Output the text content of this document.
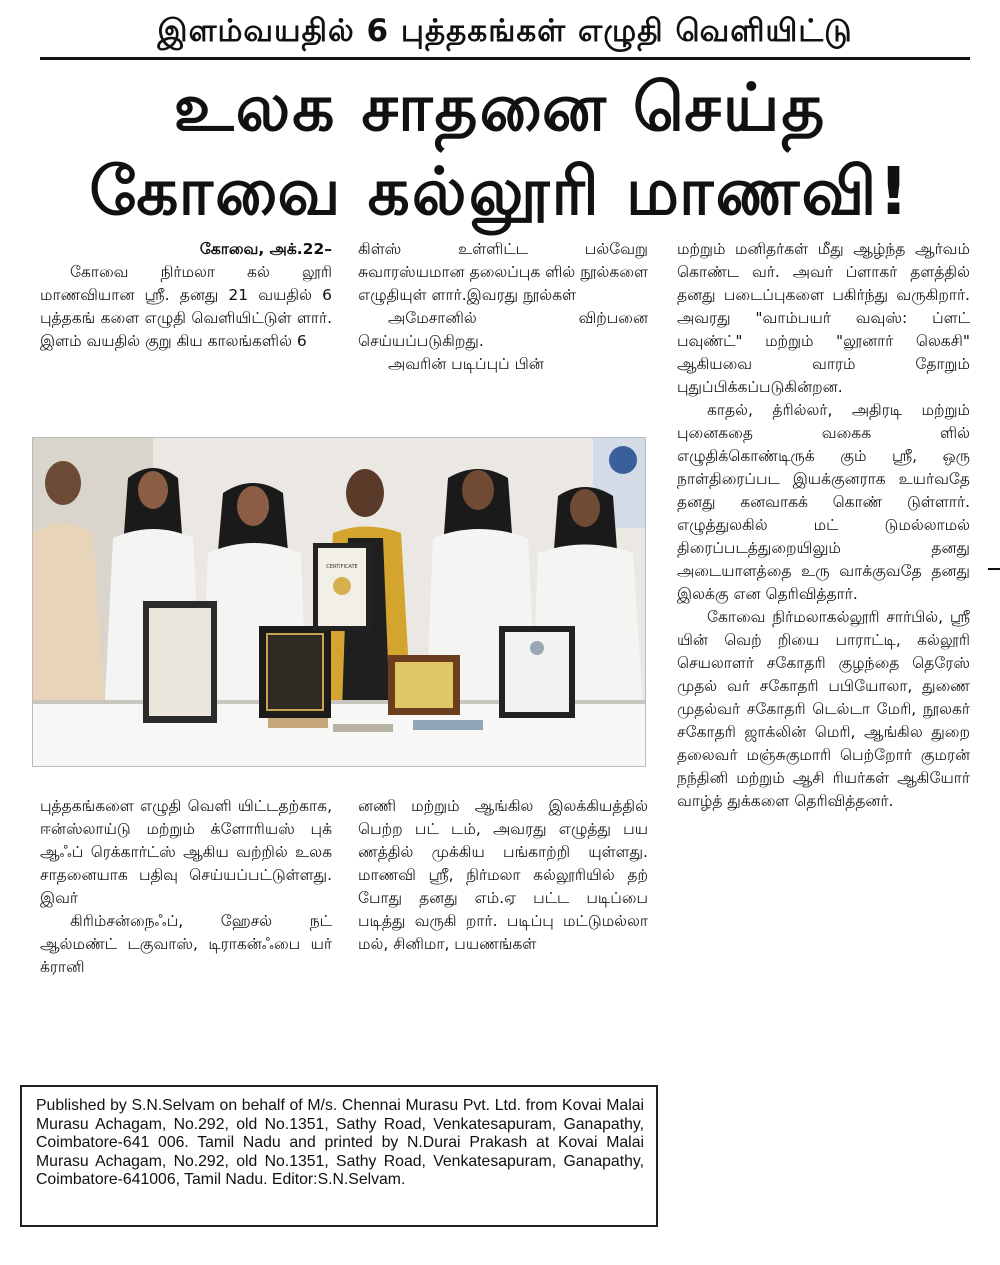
இளம்வயதில் 6 புத்தகங்கள் எழுதி வெளியிட்டு
உலக சாதனை செய்த
கோவை கல்லூரி மாணவி!

கோவை, அக்.22–

கோவை நிர்மலா கல் லூரி மாணவியான ஸ்ரீ. தனது 21 வயதில் 6 புத்தகங் களை எழுதி வெளியிட்டுள் ளார். இளம் வயதில் குறு கிய காலங்களில் 6

கிள்ஸ் உள்ளிட்ட பல்வேறு சுவாரஸ்யமான தலைப்புக ளில் நூல்களை எழுதியுள் ளார்.இவரது நூல்கள்

அமேசானில் விற்பனை செய்யப்படுகிறது.

அவரின் படிப்புப் பின்

மற்றும் மனிதர்கள் மீது ஆழ்ந்த ஆர்வம் கொண்ட வர். அவர் ப்ளாகர் தளத்தில் தனது படைப்புகளை பகிர்ந்து வருகிறார். அவரது "வாம்பயர் வவுஸ்: ப்ளட் பவுண்ட்" மற்றும் "லூனார் லெகசி" ஆகியவை வாரம் தோறும் புதுப்பிக்கப்படுகின்றன.

காதல், த்ரில்லர், அதிரடி மற்றும் புனைகதை வகைக ளில் எழுதிக்கொண்டிருக் கும் ஸ்ரீ, ஒரு நாள்திரைப்பட இயக்குனராக உயர்வதே தனது கனவாகக் கொண் டுள்ளார். எழுத்துலகில் மட் டுமல்லாமல் திரைப்படத்துறையிலும் தனது அடையாளத்தை உரு வாக்குவதே தனது இலக்கு என தெரிவித்தார்.

கோவை நிர்மலாகல்லூரி சார்பில், ஸ்ரீ யின் வெற் றியை பாராட்டி, கல்லூரி செயலாளர் சகோதரி குழந்தை தெரேஸ் முதல் வர் சகோதரி பபியோலா, துணை முதல்வர் சகோதரி டெல்டா மேரி, நூலகர் சகோதரி ஜாக்லின் மெரி, ஆங்கில துறை தலைவர் மஞ்சுகுமாரி பெற்றோர் குமரன் நந்தினி மற்றும் ஆசி ரியர்கள் ஆகியோர் வாழ்த் துக்களை தெரிவித்தனர்.

CERTIFICATE

புத்தகங்களை எழுதி வெளி யிட்டதற்காக, ஈன்ஸ்லாய்டு மற்றும் க்ளோரியஸ் புக் ஆஃப் ரெக்கார்ட்ஸ் ஆகிய வற்றில் உலக சாதனையாக பதிவு செய்யப்பட்டுள்ளது. இவர்

கிரிம்சன்நைஃப், ஹேசல் நட் ஆல்மண்ட் டகுவாஸ், டிராகன்ஃபை யர் க்ரானி

னணி மற்றும் ஆங்கில இலக்கியத்தில் பெற்ற பட் டம், அவரது எழுத்து பய ணத்தில் முக்கிய பங்காற்றி யுள்ளது. மாணவி ஸ்ரீ, நிர்மலா கல்லூரியில் தற் போது தனது எம்.ஏ பட்ட படிப்பை படித்து வருகி றார். படிப்பு மட்டுமல்லா மல், சினிமா, பயணங்கள்

Published by S.N.Selvam on behalf of M/s. Chennai Murasu Pvt. Ltd. from Kovai Malai Murasu Achagam, No.292, old No.1351, Sathy Road, Venkatesapuram, Ganapathy, Coimbatore-641 006. Tamil Nadu and printed by N.Durai Prakash at Kovai Malai Murasu Achagam, No.292, old No.1351, Sathy Road, Venkatesapuram, Ganapathy, Coimbatore-641006, Tamil Nadu. Editor:S.N.Selvam.
